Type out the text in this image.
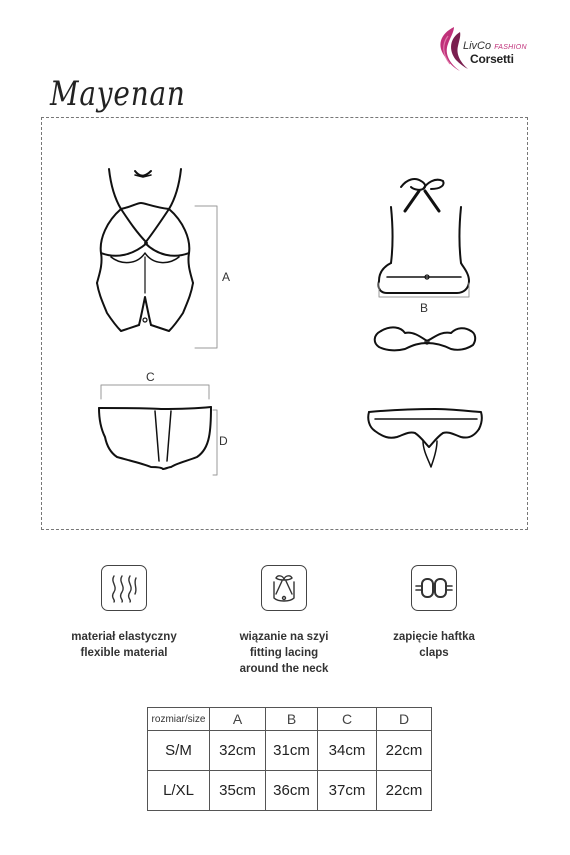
LivCo FASHION
Corsetti
Mayenan
A
B
C
D
materiał elastyczny
flexible material
wiązanie na szyi
fitting lacing
around the neck
zapięcie haftka
claps
rozmiar/size	A	B	C	D
S/M	32cm	31cm	34cm	22cm
L/XL	35cm	36cm	37cm	22cm
